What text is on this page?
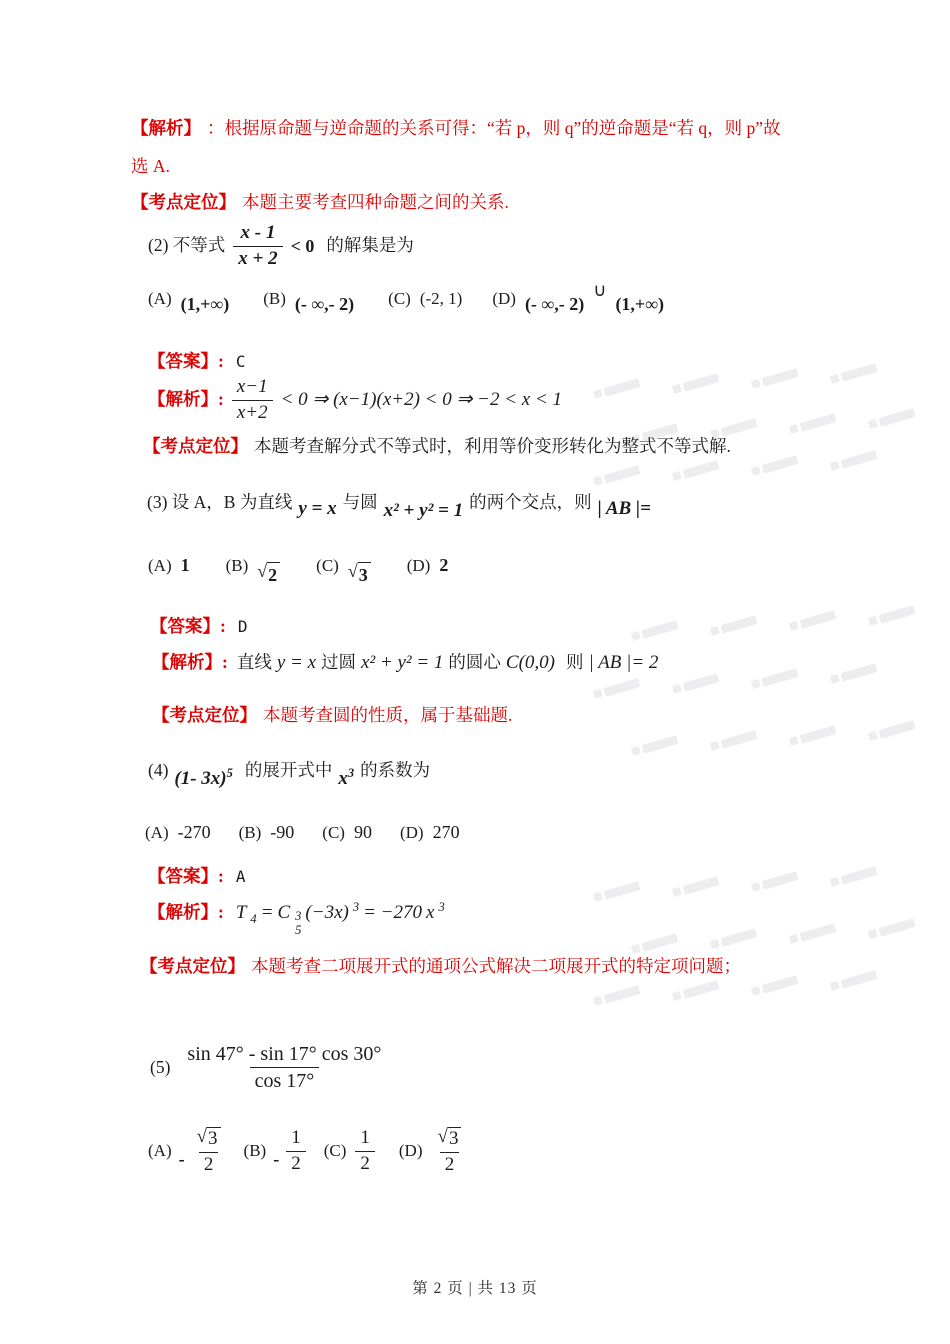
【解析】 ：根据原命题与逆命题的关系可得：“若 p，则 q”的逆命题是“若 q，则 p”故
选 A.
【考点定位】 本题主要考查四种命题之间的关系.
(2) 不等式 $\frac{x - 1}{x + 2} < 0$ 的解集是为
(A) (1,+∞) (B) (- ∞,- 2) (C) (-2, 1) (D) (- ∞,- 2)
∪
(1,+∞)
【答案】: C
【解析】: $\frac{x-1}{x+2} < 0$ ⇒ (x−1)(x+2) < 0 ⇒ −2 < x < 1
【考点定位】 本题考查解分式不等式时，利用等价变形转化为整式不等式解.
(3) 设 A，B 为直线 y = x 与圆 x² + y² = 1 的两个交点，则 | AB |=
(A) 1 (B) √ 2 (C) √ 3 (D) 2
【答案】: D
【解析】: 直线 y = x 过圆 x² + y² = 1 的圆心 C(0,0) 则 | AB |= 2
【考点定位】 本题考查圆的性质，属于基础题.
(4) (1- 3x)$^5$ 的展开式中 $x^3$ 的系数为
(A) -270 (B) -90 (C) 90 (D) 270
【答案】: A
【解析】: T 4 = C 3
5
(−3x) 3 = −270 x 3
【考点定位】 本题考查二项展开式的通项公式解决二项展开式的特定项问题；
$(5) \frac{\sin 47^\circ - \sin 17^\circ \cos 30^\circ}{\cos 17^\circ}$
$(A) - \frac{√ 3}{2} (B) - \frac{1}{2} (C) \frac{1}{2} (D) \frac{√ 3}{2}$
第 2 页 | 共 13 页
